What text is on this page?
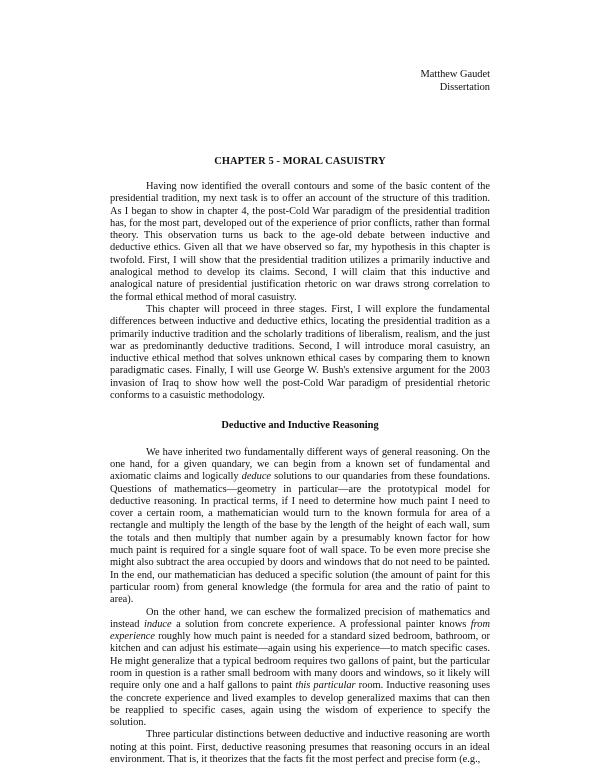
Matthew Gaudet
Dissertation
CHAPTER 5 - MORAL CASUISTRY

Having now identified the overall contours and some of the basic content of the presidential tradition, my next task is to offer an account of the structure of this tradition. As I began to show in chapter 4, the post-Cold War paradigm of the presidential tradition has, for the most part, developed out of the experience of prior conflicts, rather than formal theory. This observation turns us back to the age-old debate between inductive and deductive ethics. Given all that we have observed so far, my hypothesis in this chapter is twofold. First, I will show that the presidential tradition utilizes a primarily inductive and analogical method to develop its claims. Second, I will claim that this inductive and analogical nature of presidential justification rhetoric on war draws strong correlation to the formal ethical method of moral casuistry.

This chapter will proceed in three stages. First, I will explore the fundamental differences between inductive and deductive ethics, locating the presidential tradition as a primarily inductive tradition and the scholarly traditions of liberalism, realism, and the just war as predominantly deductive traditions. Second, I will introduce moral casuistry, an inductive ethical method that solves unknown ethical cases by comparing them to known paradigmatic cases. Finally, I will use George W. Bush's extensive argument for the 2003 invasion of Iraq to show how well the post-Cold War paradigm of presidential rhetoric conforms to a casuistic methodology.

Deductive and Inductive Reasoning

We have inherited two fundamentally different ways of general reasoning. On the one hand, for a given quandary, we can begin from a known set of fundamental and axiomatic claims and logically deduce solutions to our quandaries from these foundations. Questions of mathematics—geometry in particular—are the prototypical model for deductive reasoning. In practical terms, if I need to determine how much paint I need to cover a certain room, a mathematician would turn to the known formula for area of a rectangle and multiply the length of the base by the length of the height of each wall, sum the totals and then multiply that number again by a presumably known factor for how much paint is required for a single square foot of wall space. To be even more precise she might also subtract the area occupied by doors and windows that do not need to be painted. In the end, our mathematician has deduced a specific solution (the amount of paint for this particular room) from general knowledge (the formula for area and the ratio of paint to area).

On the other hand, we can eschew the formalized precision of mathematics and instead induce a solution from concrete experience. A professional painter knows from experience roughly how much paint is needed for a standard sized bedroom, bathroom, or kitchen and can adjust his estimate—again using his experience—to match specific cases. He might generalize that a typical bedroom requires two gallons of paint, but the particular room in question is a rather small bedroom with many doors and windows, so it likely will require only one and a half gallons to paint this particular room. Inductive reasoning uses the concrete experience and lived examples to develop generalized maxims that can then be reapplied to specific cases, again using the wisdom of experience to specify the solution.

Three particular distinctions between deductive and inductive reasoning are worth noting at this point. First, deductive reasoning presumes that reasoning occurs in an ideal environment. That is, it theorizes that the facts fit the most perfect and precise form (e.g.,
